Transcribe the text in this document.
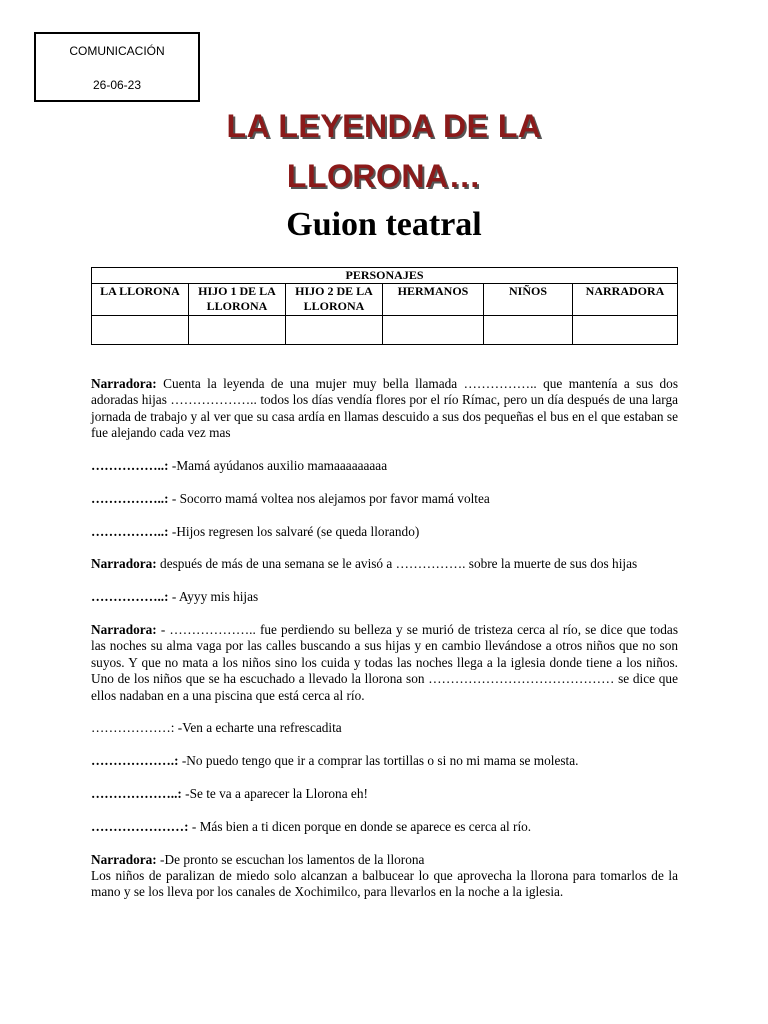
COMUNICACIÓN
26-06-23
LA LEYENDA DE LA
LLORONA…
Guion teatral
PERSONAJES					
LA LLORONA	HIJO 1 DE LA LLORONA	HIJO 2 DE LA LLORONA	HERMANOS	NIÑOS	NARRADORA

Narradora: Cuenta la leyenda de una mujer muy bella llamada …………….. que mantenía a sus dos adoradas hijas ……………….. todos los días vendía flores por el río Rímac, pero un día después de una larga jornada de trabajo y al ver que su casa ardía en llamas descuido a sus dos pequeñas el bus en el que estaban se fue alejando cada vez mas

……………..: -Mamá ayúdanos auxilio mamaaaaaaaaa

……………..: - Socorro mamá voltea nos alejamos por favor mamá voltea

……………..: -Hijos regresen los salvaré (se queda llorando)

Narradora: después de más de una semana se le avisó a ……………. sobre la muerte de sus dos hijas

……………..: - Ayyy mis hijas

Narradora: - ……………….. fue perdiendo su belleza y se murió de tristeza cerca al río, se dice que todas las noches su alma vaga por las calles buscando a sus hijas y en cambio llevándose a otros niños que no son suyos. Y que no mata a los niños sino los cuida y todas las noches llega a la iglesia donde tiene a los niños. Uno de los niños que se ha escuchado a llevado la llorona son …………………………………… se dice que ellos nadaban en a una piscina que está cerca al río.

………………: -Ven a echarte una refrescadita

……………….: -No puedo tengo que ir a comprar las tortillas o si no mi mama se molesta.

………………..: -Se te va a aparecer la Llorona eh!

…………………: - Más bien a ti dicen porque en donde se aparece es cerca al río.

Narradora: -De pronto se escuchan los lamentos de la llorona

Los niños de paralizan de miedo solo alcanzan a balbucear lo que aprovecha la llorona para tomarlos de la mano y se los lleva por los canales de Xochimilco, para llevarlos en la noche a la iglesia.
